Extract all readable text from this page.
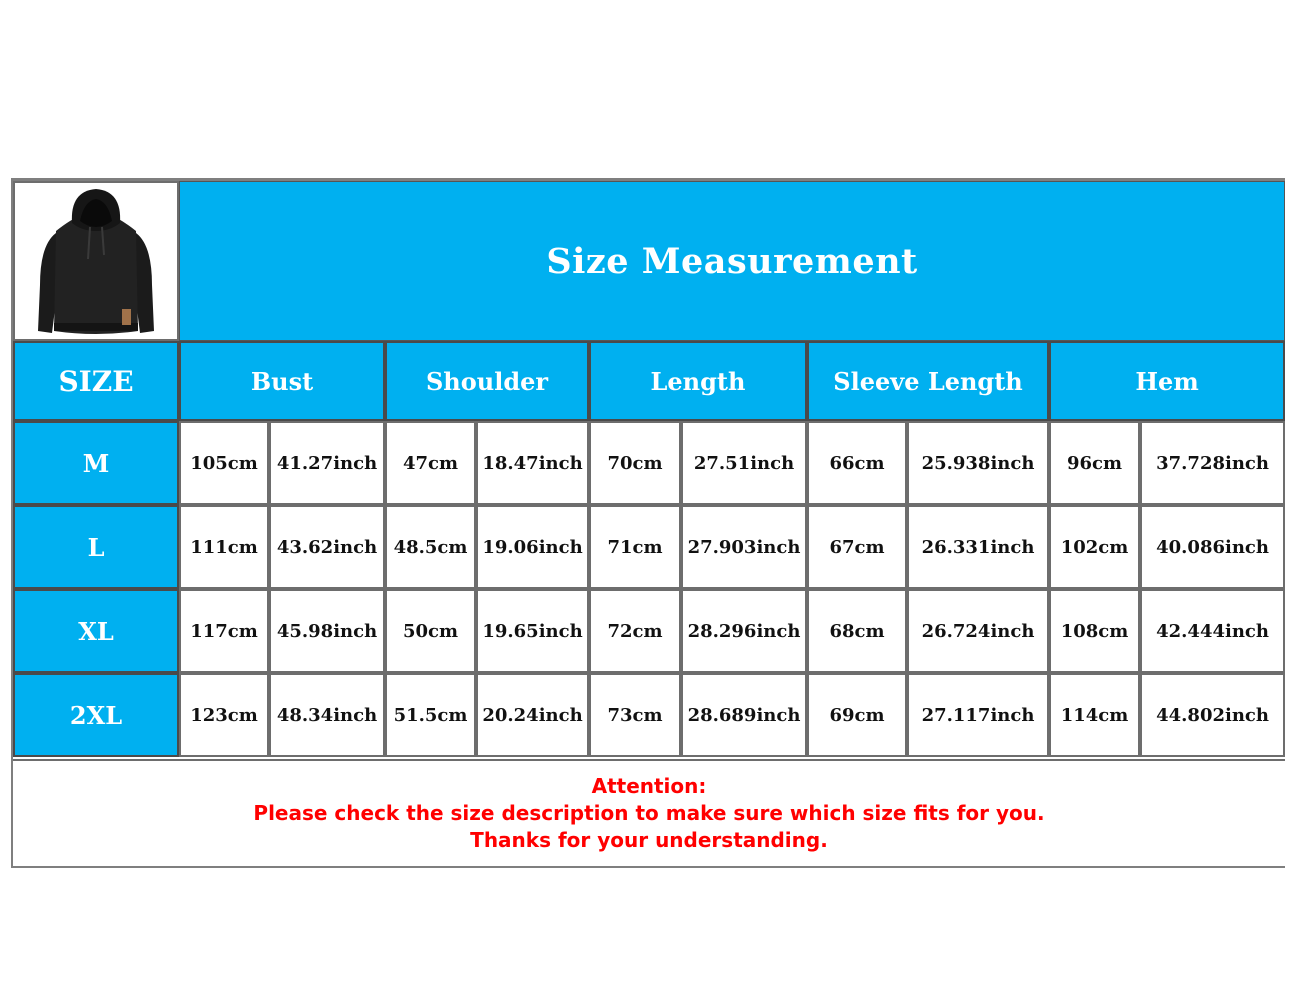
	Size Measurement									
SIZE	Bust		Shoulder		Length		Sleeve Length		Hem	
M	105cm	41.27inch	47cm	18.47inch	70cm	27.51inch	66cm	25.938inch	96cm	37.728inch
L	111cm	43.62inch	48.5cm	19.06inch	71cm	27.903inch	67cm	26.331inch	102cm	40.086inch
XL	117cm	45.98inch	50cm	19.65inch	72cm	28.296inch	68cm	26.724inch	108cm	42.444inch
2XL	123cm	48.34inch	51.5cm	20.24inch	73cm	28.689inch	69cm	27.117inch	114cm	44.802inch
Attention:
Please check the size description to make sure which size fits for you.
Thanks for your understanding.
